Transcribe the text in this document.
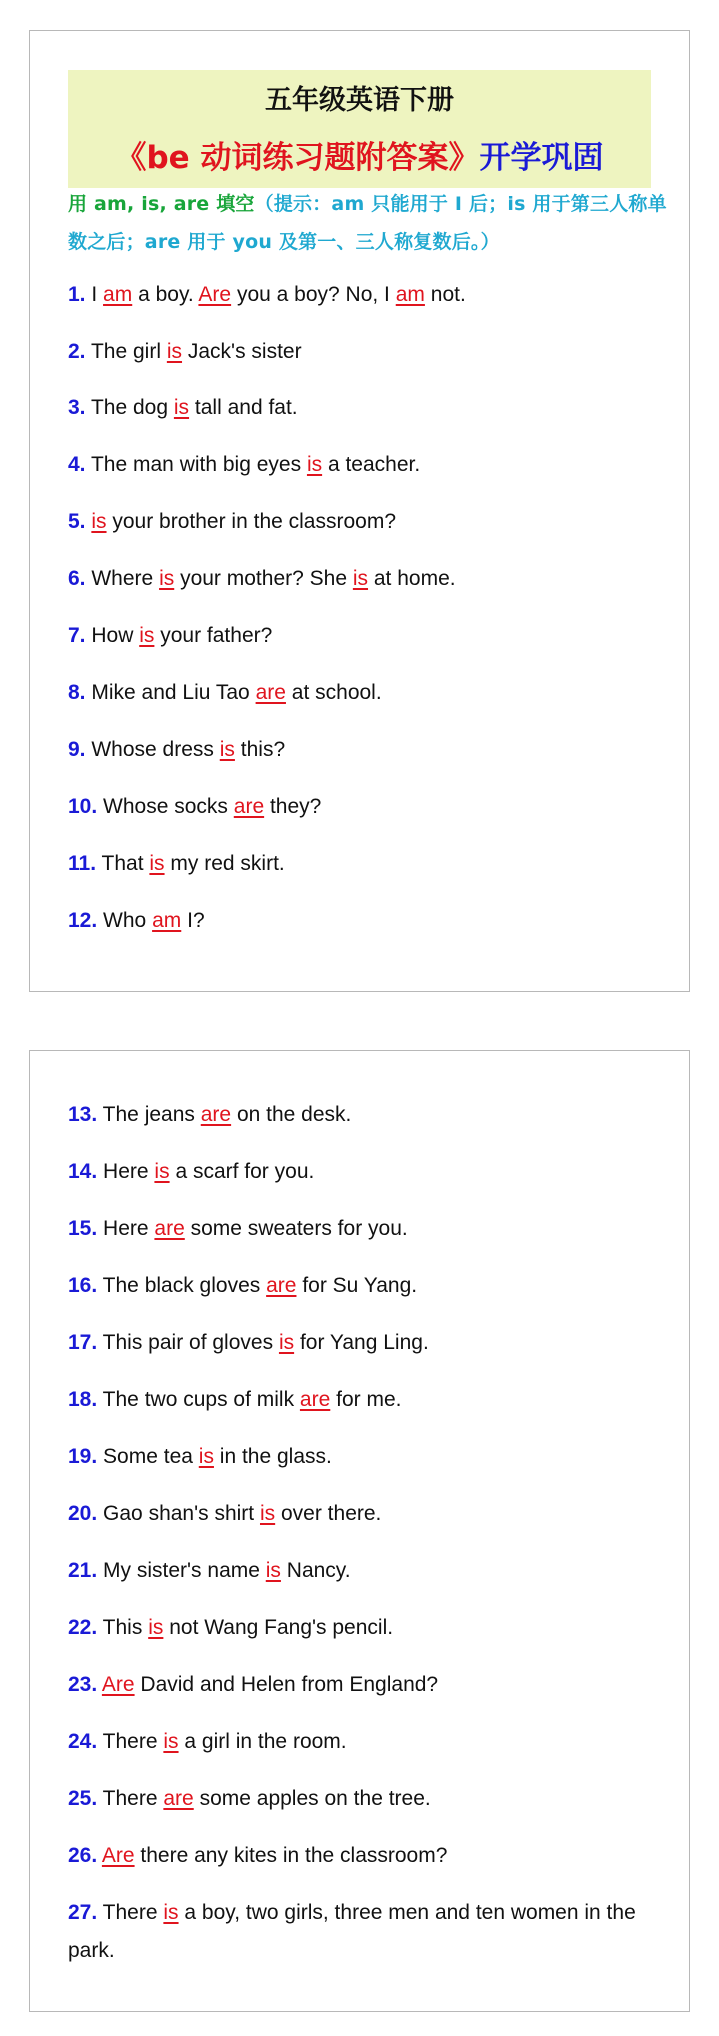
五年级英语下册
《be 动词练习题附答案》开学巩固
用 am, is, are 填空（提示：am 只能用于 I 后；is 用于第三人称单数之后；are 用于 you 及第一、三人称复数后。）
1. I am a boy. Are you a boy? No, I am not.
2. The girl is Jack's sister
3. The dog is tall and fat.
4. The man with big eyes is a teacher.
5. is your brother in the classroom?
6. Where is your mother? She is at home.
7. How is your father?
8. Mike and Liu Tao are at school.
9. Whose dress is this?
10. Whose socks are they?
11. That is my red skirt.
12. Who am I?
13. The jeans are on the desk.
14. Here is a scarf for you.
15. Here are some sweaters for you.
16. The black gloves are for Su Yang.
17. This pair of gloves is for Yang Ling.
18. The two cups of milk are for me.
19. Some tea is in the glass.
20. Gao shan's shirt is over there.
21. My sister's name is Nancy.
22. This is not Wang Fang's pencil.
23. Are David and Helen from England?
24. There is a girl in the room.
25. There are some apples on the tree.
26. Are there any kites in the classroom?
27. There is a boy, two girls, three men and ten women in the park.
